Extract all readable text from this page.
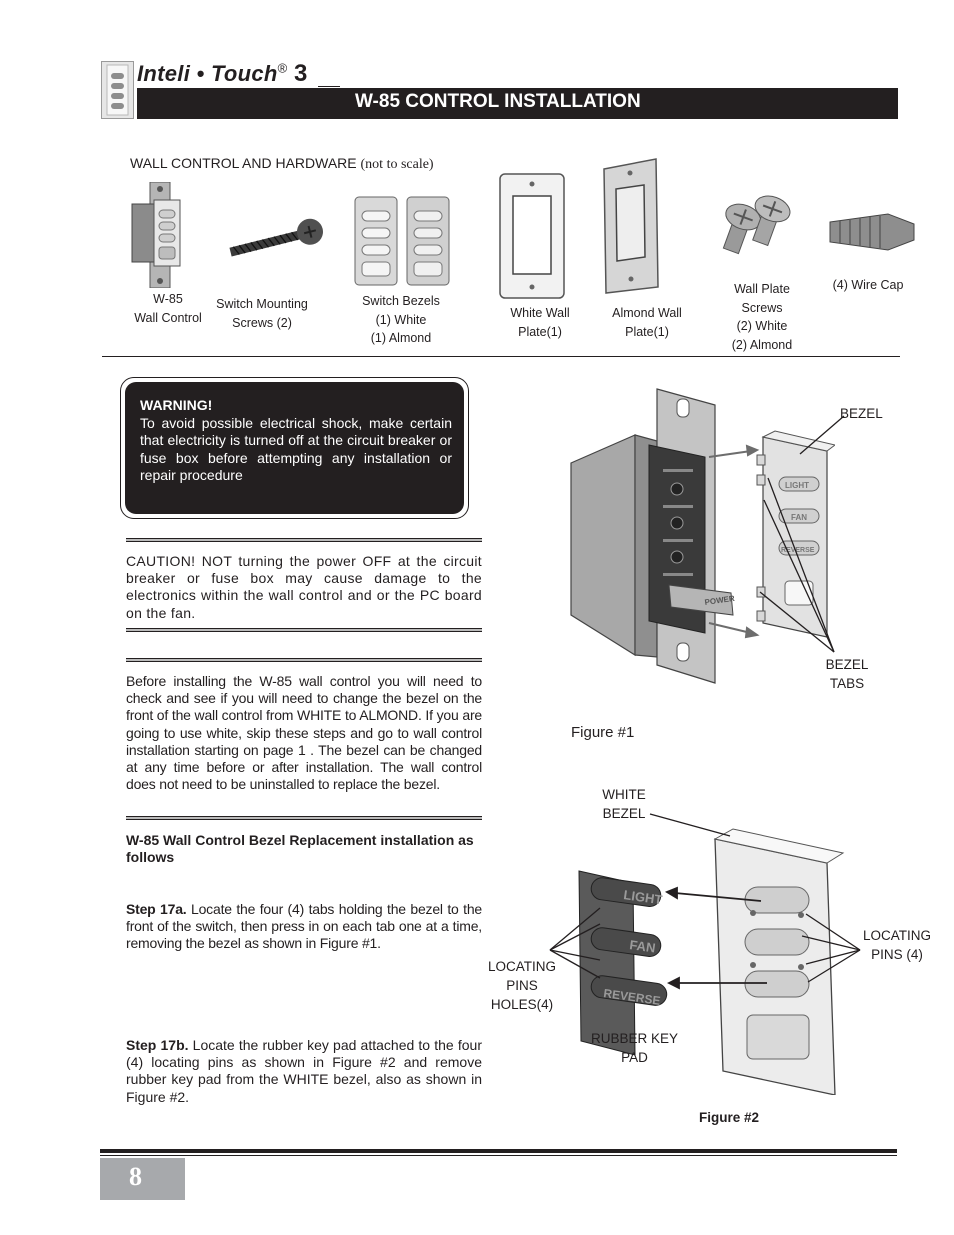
Inteli • Touch® 3
W-85 CONTROL INSTALLATION
WALL CONTROL AND HARDWARE (not to scale)
W-85
Wall Control
Switch Mounting
Screws (2)
Switch Bezels
(1) White
(1) Almond
White Wall
Plate(1)
Almond Wall
Plate(1)
Wall Plate
Screws
(2) White
(2) Almond
(4) Wire Cap
WARNING!
To avoid possible electrical shock, make certain that electricity is turned off at the circuit breaker or fuse box before attempting any installation or repair procedure
CAUTION! NOT turning the power OFF at the circuit breaker or fuse box may cause damage to the electronics within the wall control and or the PC board on the fan.
Before installing the W-85 wall control you will need to check and see if you will need to change the bezel on the front of the wall control from WHITE to ALMOND. If you are going to use white, skip these steps and go to wall control installation starting on page 1 . The bezel can be changed at any time before or after installation. The wall control does not need to be uninstalled to replace the bezel.
W-85 Wall Control Bezel Replacement installation as follows
Step 17a. Locate the four (4) tabs holding the bezel to the front of the switch, then press in on each tab one at a time, removing the bezel as shown in Figure #1.
Step 17b. Locate the rubber key pad attached to the four (4) locating pins as shown in Figure #2 and remove rubber key pad from the WHITE bezel, also as shown in Figure #2.
POWER
LIGHT
FAN
REVERSE
BEZEL
BEZEL
TABS
Figure #1
LIGHT
FAN
REVERSE
WHITE
BEZEL
LOCATING
PINS (4)
LOCATING
PINS
HOLES(4)
RUBBER KEY
PAD
Figure #2
8
